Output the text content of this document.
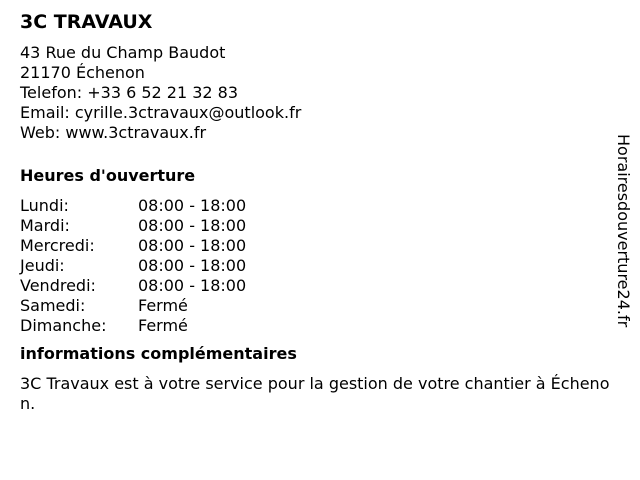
3C TRAVAUX
43 Rue du Champ Baudot
21170 Échenon
Telefon: +33 6 52 21 32 83
Email: cyrille.3ctravaux@outlook.fr
Web: www.3ctravaux.fr
Heures d'ouverture
Lundi:	08:00 - 18:00
Mardi:	08:00 - 18:00
Mercredi:	08:00 - 18:00
Jeudi:	08:00 - 18:00
Vendredi:	08:00 - 18:00
Samedi:	Fermé
Dimanche:	Fermé
informations complémentaires
3C Travaux est à votre service pour la gestion de votre chantier à Échenon.
Horairesdouverture24.fr
